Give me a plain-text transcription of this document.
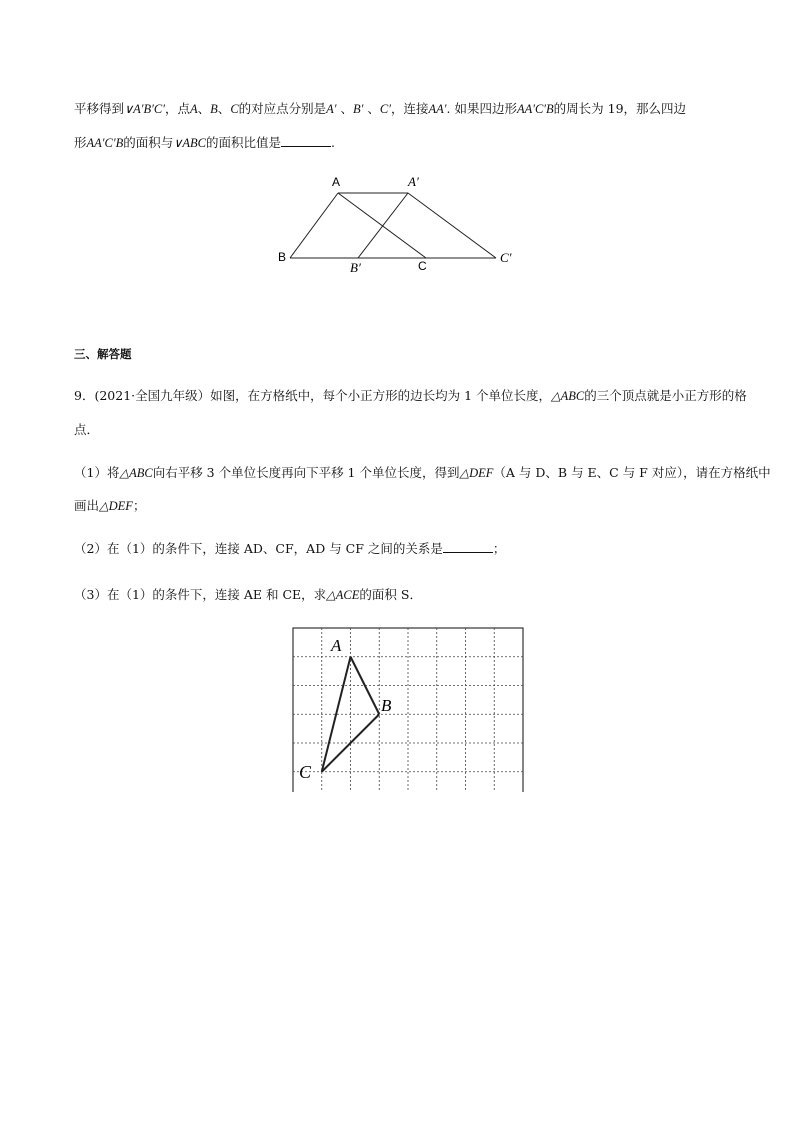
平移得到∨A′B′C′，点A、B、C的对应点分别是A′ 、B′ 、C′，连接AA′. 如果四边形AA′C′B的周长为 19，那么四边
形AA′C′B的面积与∨ABC的面积比值是	.
A	A′
B
B′	C
C′
三、解答题
9．(2021·全国九年级）如图，在方格纸中，每个小正方形的边长均为 1 个单位长度，△ABC的三个顶点就是小正方形的格
点．
（1）将△ABC向右平移 3 个单位长度再向下平移 1 个单位长度，得到△DEF（A 与 D、B 与 E、C 与 F 对应），请在方格纸中
画出△DEF；
（2）在（1）的条件下，连接 AD、CF，AD 与 CF 之间的关系是	；
（3）在（1）的条件下，连接 AE 和 CE，求△ACE的面积 S．
A
B
C
